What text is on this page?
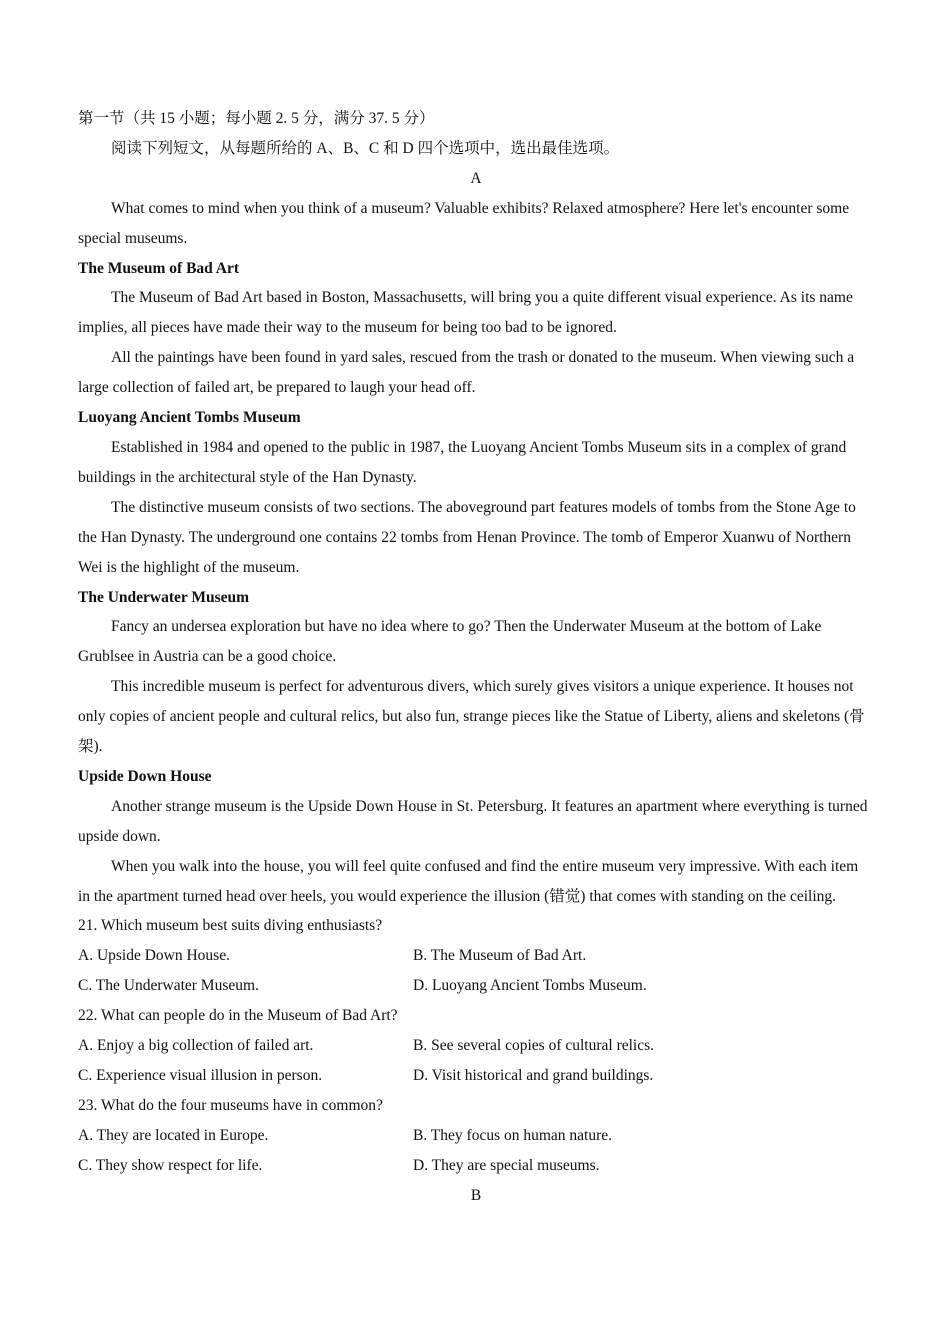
第一节（共 15 小题；每小题 2. 5 分，满分 37. 5 分）

阅读下列短文，从每题所给的 A、B、C 和 D 四个选项中，选出最佳选项。

A

What comes to mind when you think of a museum? Valuable exhibits? Relaxed atmosphere? Here let's encounter some special museums.

The Museum of Bad Art

The Museum of Bad Art based in Boston, Massachusetts, will bring you a quite different visual experience. As its name implies, all pieces have made their way to the museum for being too bad to be ignored.

All the paintings have been found in yard sales, rescued from the trash or donated to the museum. When viewing such a large collection of failed art, be prepared to laugh your head off.

Luoyang Ancient Tombs Museum

Established in 1984 and opened to the public in 1987, the Luoyang Ancient Tombs Museum sits in a complex of grand buildings in the architectural style of the Han Dynasty.

The distinctive museum consists of two sections. The aboveground part features models of tombs from the Stone Age to the Han Dynasty. The underground one contains 22 tombs from Henan Province. The tomb of Emperor Xuanwu of Northern Wei is the highlight of the museum.

The Underwater Museum

Fancy an undersea exploration but have no idea where to go? Then the Underwater Museum at the bottom of Lake Grublsee in Austria can be a good choice.

This incredible museum is perfect for adventurous divers, which surely gives visitors a unique experience. It houses not only copies of ancient people and cultural relics, but also fun, strange pieces like the Statue of Liberty, aliens and skeletons (骨架).

Upside Down House

Another strange museum is the Upside Down House in St. Petersburg. It features an apartment where everything is turned upside down.

When you walk into the house, you will feel quite confused and find the entire museum very impressive. With each item in the apartment turned head over heels, you would experience the illusion (错觉) that comes with standing on the ceiling.

21. Which museum best suits diving enthusiasts?

A. Upside Down House.	B. The Museum of Bad Art.
C. The Underwater Museum.	D. Luoyang Ancient Tombs Museum.

22. What can people do in the Museum of Bad Art?

A. Enjoy a big collection of failed art.	B. See several copies of cultural relics.
C. Experience visual illusion in person.	D. Visit historical and grand buildings.

23. What do the four museums have in common?

A. They are located in Europe.	B. They focus on human nature.
C. They show respect for life.	D. They are special museums.

B
